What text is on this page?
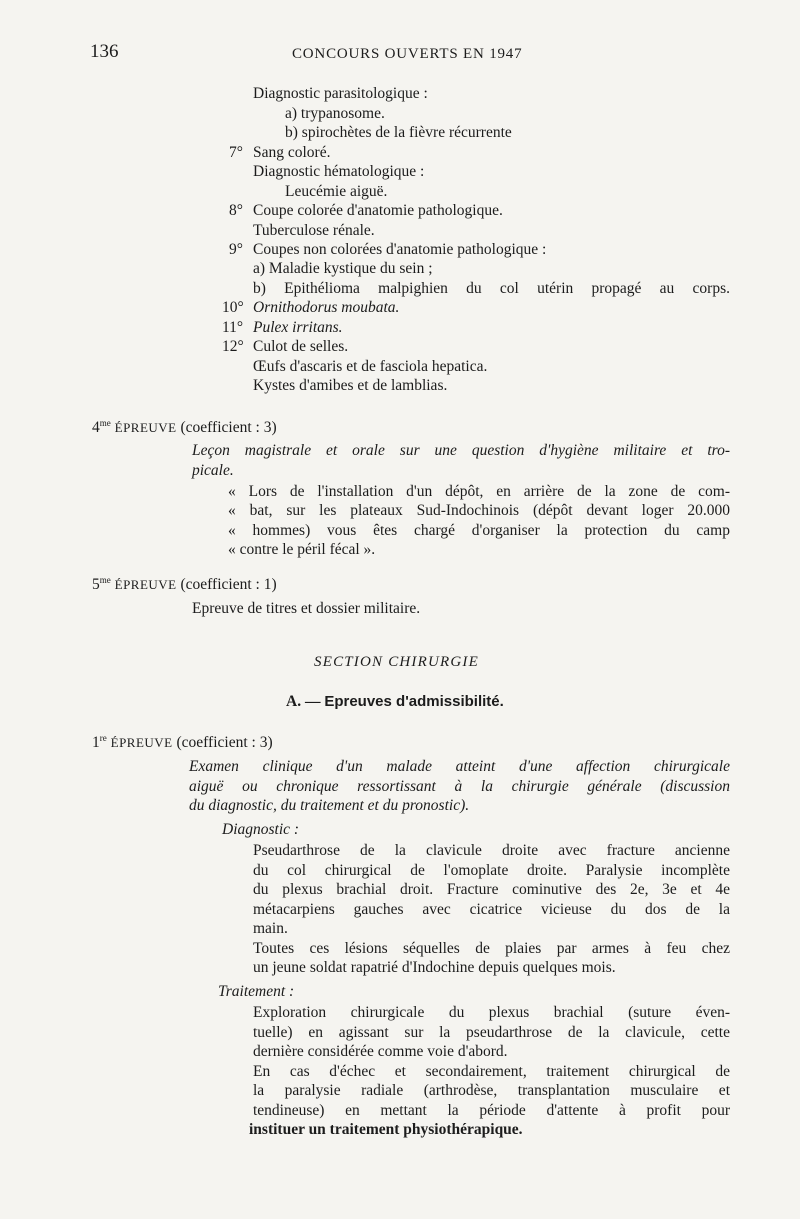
136	CONCOURS OUVERTS EN 1947
Diagnostic parasitologique :
a) trypanosome.
b) spirochètes de la fièvre récurrente
7° Sang coloré.
Diagnostic hématologique :
Leucémie aiguë.
8° Coupe colorée d'anatomie pathologique.
Tuberculose rénale.
9° Coupes non colorées d'anatomie pathologique :
a) Maladie kystique du sein ;
b) Epithélioma malpighien du col utérin propagé au corps.
10° Ornithodorus moubata.
11° Pulex irritans.
12° Culot de selles.
Œufs d'ascaris et de fasciola hepatica.
Kystes d'amibes et de lamblias.
$4^{me}$ ÉPREUVE (coefficient : 3)
Leçon magistrale et orale sur une question d'hygiène militaire et tro-
picale.
« Lors de l'installation d'un dépôt, en arrière de la zone de com-
« bat, sur les plateaux Sud-Indochinois (dépôt devant loger 20.000
« hommes) vous êtes chargé d'organiser la protection du camp
« contre le péril fécal ».
$5^{me}$ ÉPREUVE (coefficient : 1)
Epreuve de titres et dossier militaire.
SECTION CHIRURGIE
A. — Epreuves d'admissibilité.
1re ÉPREUVE (coefficient : 3)
Examen clinique d'un malade atteint d'une affection chirurgicale
aiguë ou chronique ressortissant à la chirurgie générale (discussion
du diagnostic, du traitement et du pronostic).
Diagnostic :
Pseudarthrose de la clavicule droite avec fracture ancienne
du col chirurgical de l'omoplate droite. Paralysie incomplète
du plexus brachial droit. Fracture cominutive des 2e, 3e et 4e
métacarpiens gauches avec cicatrice vicieuse du dos de la
main.
Toutes ces lésions séquelles de plaies par armes à feu chez
un jeune soldat rapatrié d'Indochine depuis quelques mois.
Traitement :
Exploration chirurgicale du plexus brachial (suture éven-
tuelle) en agissant sur la pseudarthrose de la clavicule, cette
dernière considérée comme voie d'abord.
En cas d'échec et secondairement, traitement chirurgical de
la paralysie radiale (arthrodèse, transplantation musculaire et
tendineuse) en mettant la période d'attente à profit pour
instituer un traitement physiothérapique.
